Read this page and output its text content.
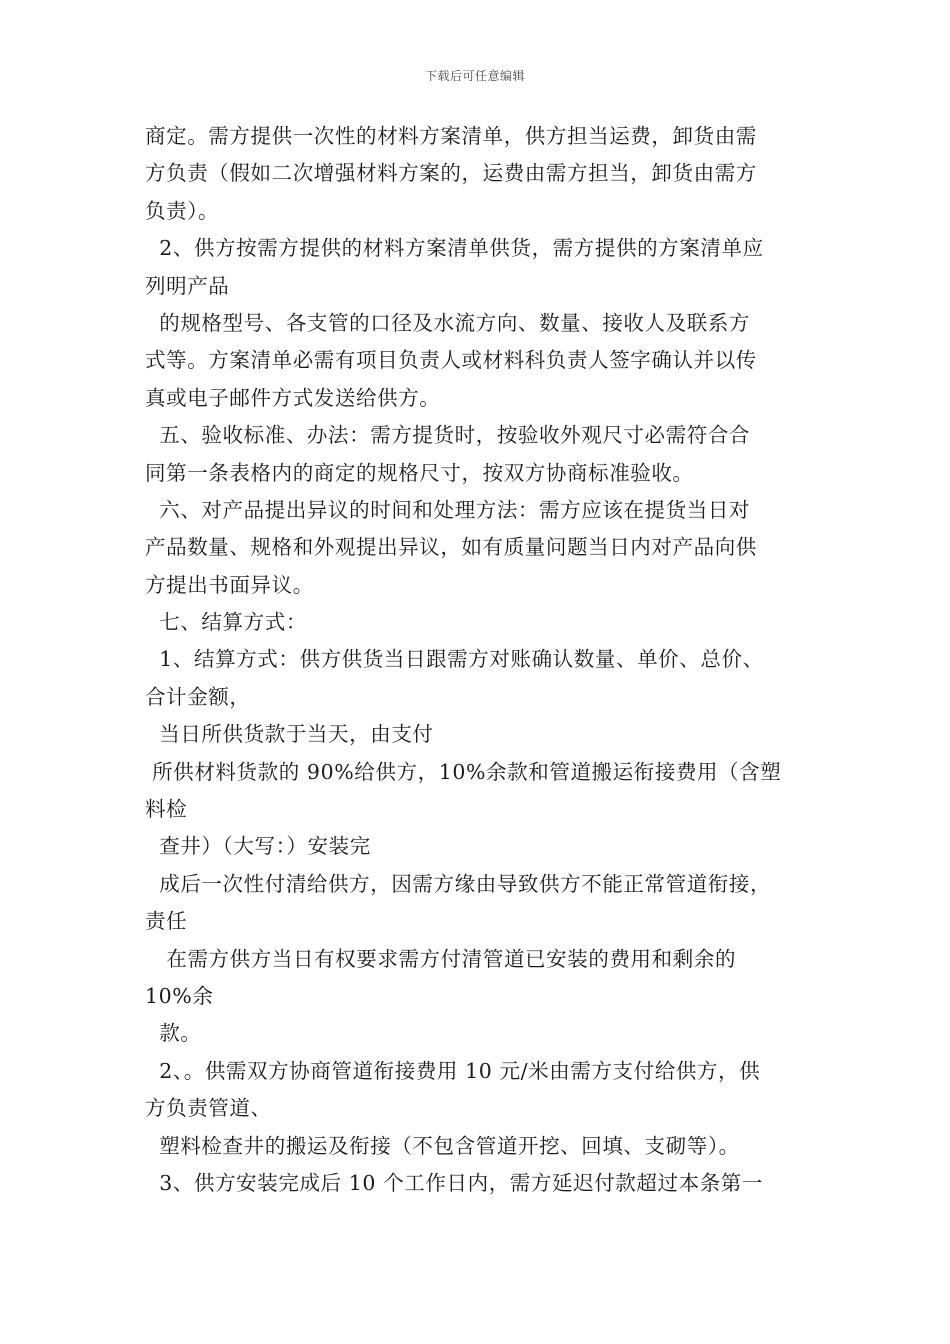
下载后可任意编辑
商定。需方提供一次性的材料方案清单，供方担当运费，卸货由需
方负责（假如二次增强材料方案的，运费由需方担当，卸货由需方
负责）。
2、供方按需方提供的材料方案清单供货，需方提供的方案清单应
列明产品
的规格型号、各支管的口径及水流方向、数量、接收人及联系方
式等。方案清单必需有项目负责人或材料科负责人签字确认并以传
真或电子邮件方式发送给供方。
五、验收标准、办法：需方提货时，按验收外观尺寸必需符合合
同第一条表格内的商定的规格尺寸，按双方协商标准验收。
六、对产品提出异议的时间和处理方法：需方应该在提货当日对
产品数量、规格和外观提出异议，如有质量问题当日内对产品向供
方提出书面异议。
七、结算方式：
1、结算方式：供方供货当日跟需方对账确认数量、单价、总价、
合计金额，
当日所供货款于当天，由支付
所供材料货款的 90%给供方，10%余款和管道搬运衔接费用（含塑
料检
查井）（大写：）安装完
成后一次性付清给供方，因需方缘由导致供方不能正常管道衔接，
责任
在需方供方当日有权要求需方付清管道已安装的费用和剩余的
10%余
款。
2、。供需双方协商管道衔接费用 10 元/米由需方支付给供方，供
方负责管道、
塑料检查井的搬运及衔接（不包含管道开挖、回填、支砌等）。
3、供方安装完成后 10 个工作日内，需方延迟付款超过本条第一
